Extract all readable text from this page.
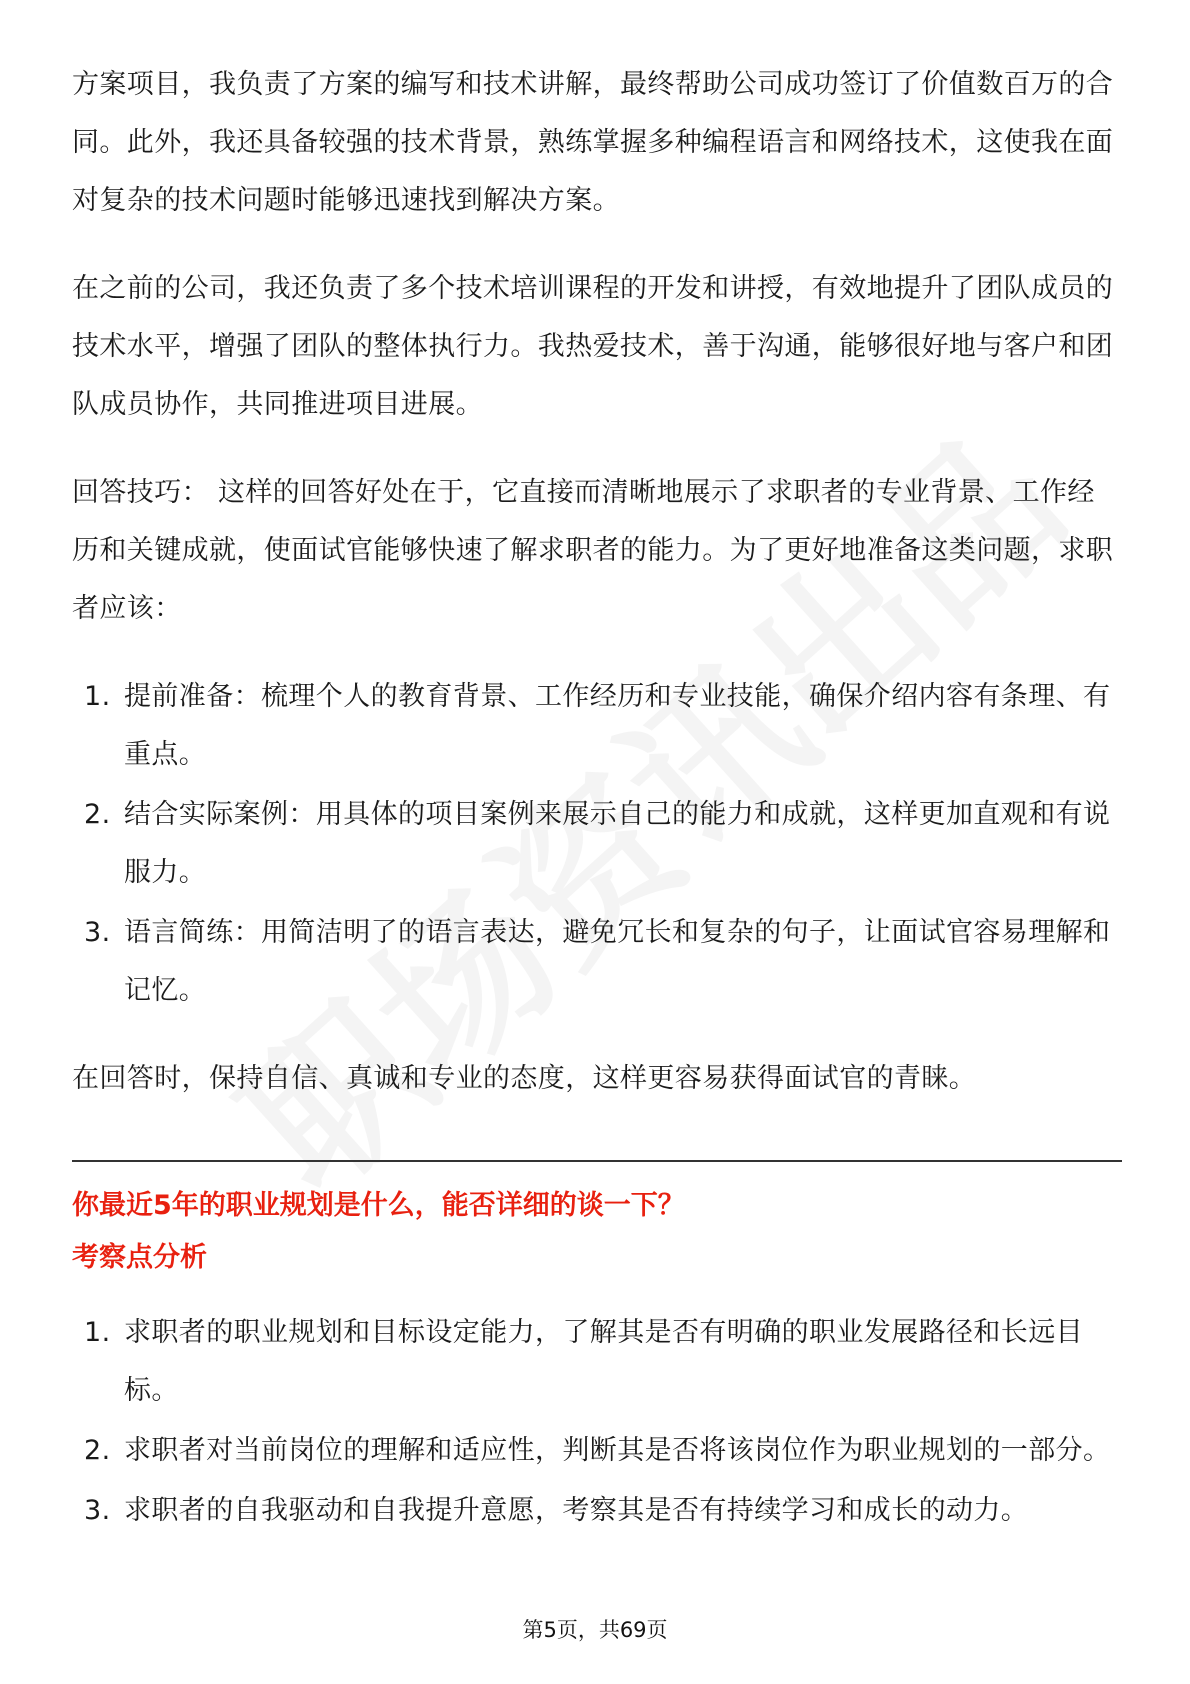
方案项目，我负责了方案的编写和技术讲解，最终帮助公司成功签订了价值数百万的合同。此外，我还具备较强的技术背景，熟练掌握多种编程语言和网络技术，这使我在面对复杂的技术问题时能够迅速找到解决方案。

在之前的公司，我还负责了多个技术培训课程的开发和讲授，有效地提升了团队成员的技术水平，增强了团队的整体执行力。我热爱技术，善于沟通，能够很好地与客户和团队成员协作，共同推进项目进展。

回答技巧： 这样的回答好处在于，它直接而清晰地展示了求职者的专业背景、工作经历和关键成就，使面试官能够快速了解求职者的能力。为了更好地准备这类问题，求职者应该：

1. 提前准备：梳理个人的教育背景、工作经历和专业技能，确保介绍内容有条理、有重点。
2. 结合实际案例：用具体的项目案例来展示自己的能力和成就，这样更加直观和有说服力。
3. 语言简练：用简洁明了的语言表达，避免冗长和复杂的句子，让面试官容易理解和记忆。

在回答时，保持自信、真诚和专业的态度，这样更容易获得面试官的青睐。

你最近5年的职业规划是什么，能否详细的谈一下？

考察点分析

1. 求职者的职业规划和目标设定能力，了解其是否有明确的职业发展路径和长远目标。
2. 求职者对当前岗位的理解和适应性，判断其是否将该岗位作为职业规划的一部分。
3. 求职者的自我驱动和自我提升意愿，考察其是否有持续学习和成长的动力。
第5页，共69页
